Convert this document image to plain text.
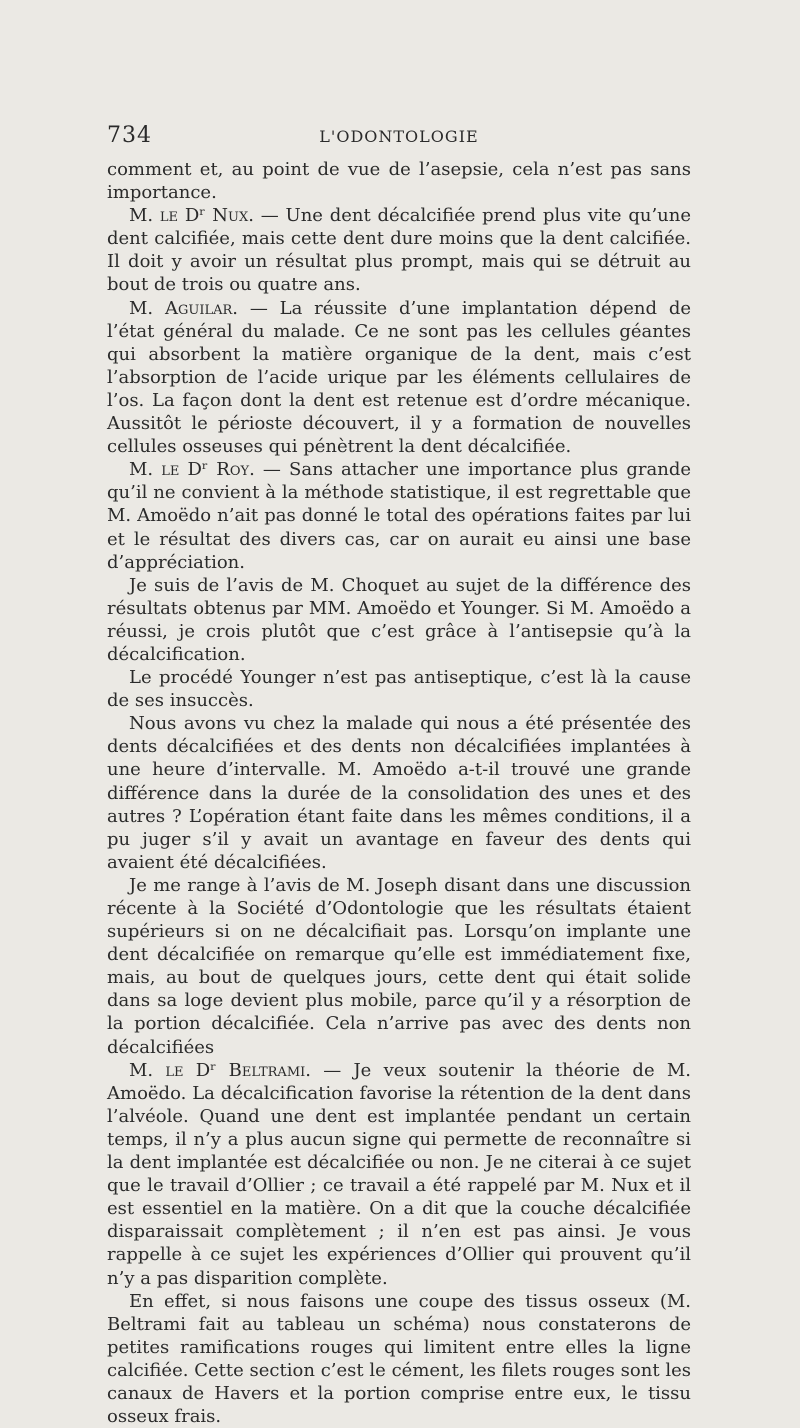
734	L'ODONTOLOGIE

comment et, au point de vue de l’asepsie, cela n’est pas sans importance.

M. le Dʳ Nux. — Une dent décalcifiée prend plus vite qu’une dent calcifiée, mais cette dent dure moins que la dent calcifiée. Il doit y avoir un résultat plus prompt, mais qui se détruit au bout de trois ou quatre ans.

M. Aguilar. — La réussite d’une implantation dépend de l’état général du malade. Ce ne sont pas les cellules géantes qui absorbent la matière organique de la dent, mais c’est l’absorption de l’acide urique par les éléments cellulaires de l’os. La façon dont la dent est retenue est d’ordre mécanique. Aussitôt le périoste découvert, il y a formation de nouvelles cellules osseuses qui pénètrent la dent décalcifiée.

M. le Dʳ Roy. — Sans attacher une importance plus grande qu’il ne convient à la méthode statistique, il est regrettable que M. Amoëdo n’ait pas donné le total des opérations faites par lui et le résultat des divers cas, car on aurait eu ainsi une base d’appréciation.

Je suis de l’avis de M. Choquet au sujet de la différence des résultats obtenus par MM. Amoëdo et Younger. Si M. Amoëdo a réussi, je crois plutôt que c’est grâce à l’antisepsie qu’à la décalcification.

Le procédé Younger n’est pas antiseptique, c’est là la cause de ses insuccès.

Nous avons vu chez la malade qui nous a été présentée des dents décalcifiées et des dents non décalcifiées implantées à une heure d’intervalle. M. Amoëdo a-t-il trouvé une grande différence dans la durée de la consolidation des unes et des autres ? L’opération étant faite dans les mêmes conditions, il a pu juger s’il y avait un avantage en faveur des dents qui avaient été décalcifiées.

Je me range à l’avis de M. Joseph disant dans une discussion récente à la Société d’Odontologie que les résultats étaient supérieurs si on ne décalcifiait pas. Lorsqu’on implante une dent décalcifiée on remarque qu’elle est immédiatement fixe, mais, au bout de quelques jours, cette dent qui était solide dans sa loge devient plus mobile, parce qu’il y a résorption de la portion décalcifiée. Cela n’arrive pas avec des dents non décalcifiées

M. le Dʳ Beltrami. — Je veux soutenir la théorie de M. Amoëdo. La décalcification favorise la rétention de la dent dans l’alvéole. Quand une dent est implantée pendant un certain temps, il n’y a plus aucun signe qui permette de reconnaître si la dent implantée est décalcifiée ou non. Je ne citerai à ce sujet que le travail d’Ollier ; ce travail a été rappelé par M. Nux et il est essentiel en la matière. On a dit que la couche décalcifiée disparaissait complètement ; il n’en est pas ainsi. Je vous rappelle à ce sujet les expériences d’Ollier qui prouvent qu’il n’y a pas disparition complète.

En effet, si nous faisons une coupe des tissus osseux (M. Beltrami fait au tableau un schéma) nous constaterons de petites ramifications rouges qui limitent entre elles la ligne calcifiée. Cette section c’est le cément, les filets rouges sont les canaux de Havers et la portion comprise entre eux, le tissu osseux frais.
